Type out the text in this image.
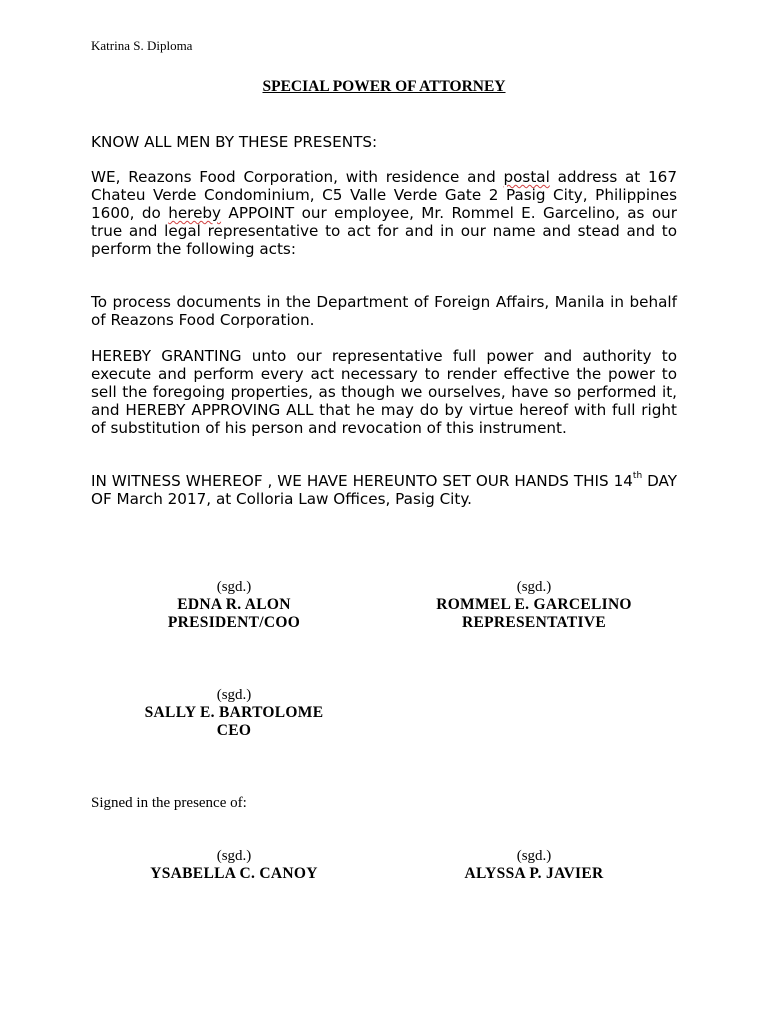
Katrina S. Diploma
SPECIAL POWER OF ATTORNEY
KNOW ALL MEN BY THESE PRESENTS:
WE, Reazons Food Corporation, with residence and postal address at 167 Chateu Verde Condominium, C5 Valle Verde Gate 2 Pasig City, Philippines 1600, do hereby APPOINT our employee, Mr. Rommel E. Garcelino, as our true and legal representative to act for and in our name and stead and to perform the following acts:
To process documents in the Department of Foreign Affairs, Manila in behalf of Reazons Food Corporation.
HEREBY GRANTING unto our representative full power and authority to execute and perform every act necessary to render effective the power to sell the foregoing properties, as though we ourselves, have so performed it, and HEREBY APPROVING ALL that he may do by virtue hereof with full right of substitution of his person and revocation of this instrument.
IN WITNESS WHEREOF , WE HAVE HEREUNTO SET OUR HANDS THIS 14th DAY OF March 2017, at Colloria Law Offices, Pasig City.
(sgd.)
EDNA R. ALON
PRESIDENT/COO
(sgd.)
ROMMEL E. GARCELINO
REPRESENTATIVE
(sgd.)
SALLY E. BARTOLOME
CEO
Signed in the presence of:
(sgd.)
YSABELLA C. CANOY
(sgd.)
ALYSSA P. JAVIER
